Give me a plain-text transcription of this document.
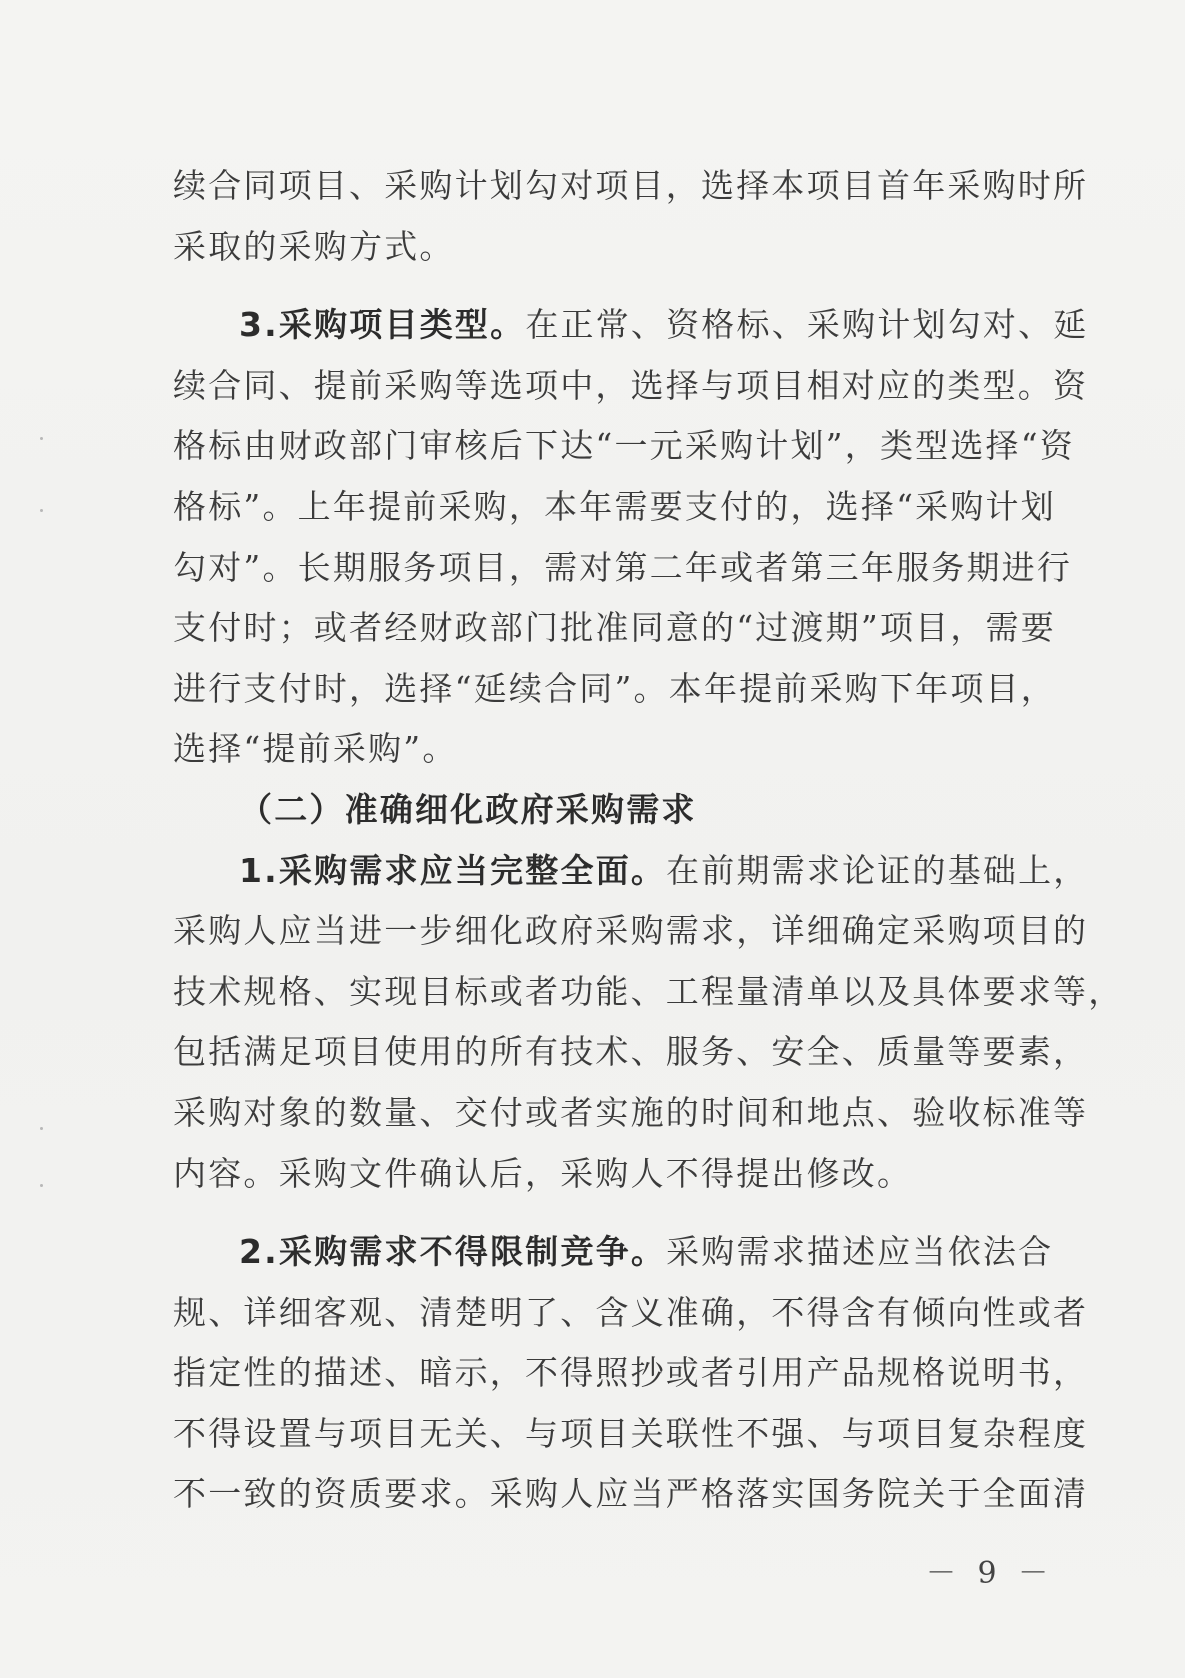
续合同项目、采购计划勾对项目，选择本项目首年采购时所
采取的采购方式。
3.采购项目类型。在正常、资格标、采购计划勾对、延
续合同、提前采购等选项中，选择与项目相对应的类型。资
格标由财政部门审核后下达“一元采购计划”，类型选择“资
格标”。上年提前采购，本年需要支付的，选择“采购计划
勾对”。长期服务项目，需对第二年或者第三年服务期进行
支付时；或者经财政部门批准同意的“过渡期”项目，需要
进行支付时，选择“延续合同”。本年提前采购下年项目，
选择“提前采购”。
（二）准确细化政府采购需求
1.采购需求应当完整全面。在前期需求论证的基础上，
采购人应当进一步细化政府采购需求，详细确定采购项目的
技术规格、实现目标或者功能、工程量清单以及具体要求等，
包括满足项目使用的所有技术、服务、安全、质量等要素，
采购对象的数量、交付或者实施的时间和地点、验收标准等
内容。采购文件确认后，采购人不得提出修改。
2.采购需求不得限制竞争。采购需求描述应当依法合
规、详细客观、清楚明了、含义准确，不得含有倾向性或者
指定性的描述、暗示，不得照抄或者引用产品规格说明书，
不得设置与项目无关、与项目关联性不强、与项目复杂程度
不一致的资质要求。采购人应当严格落实国务院关于全面清
－ 9 －
